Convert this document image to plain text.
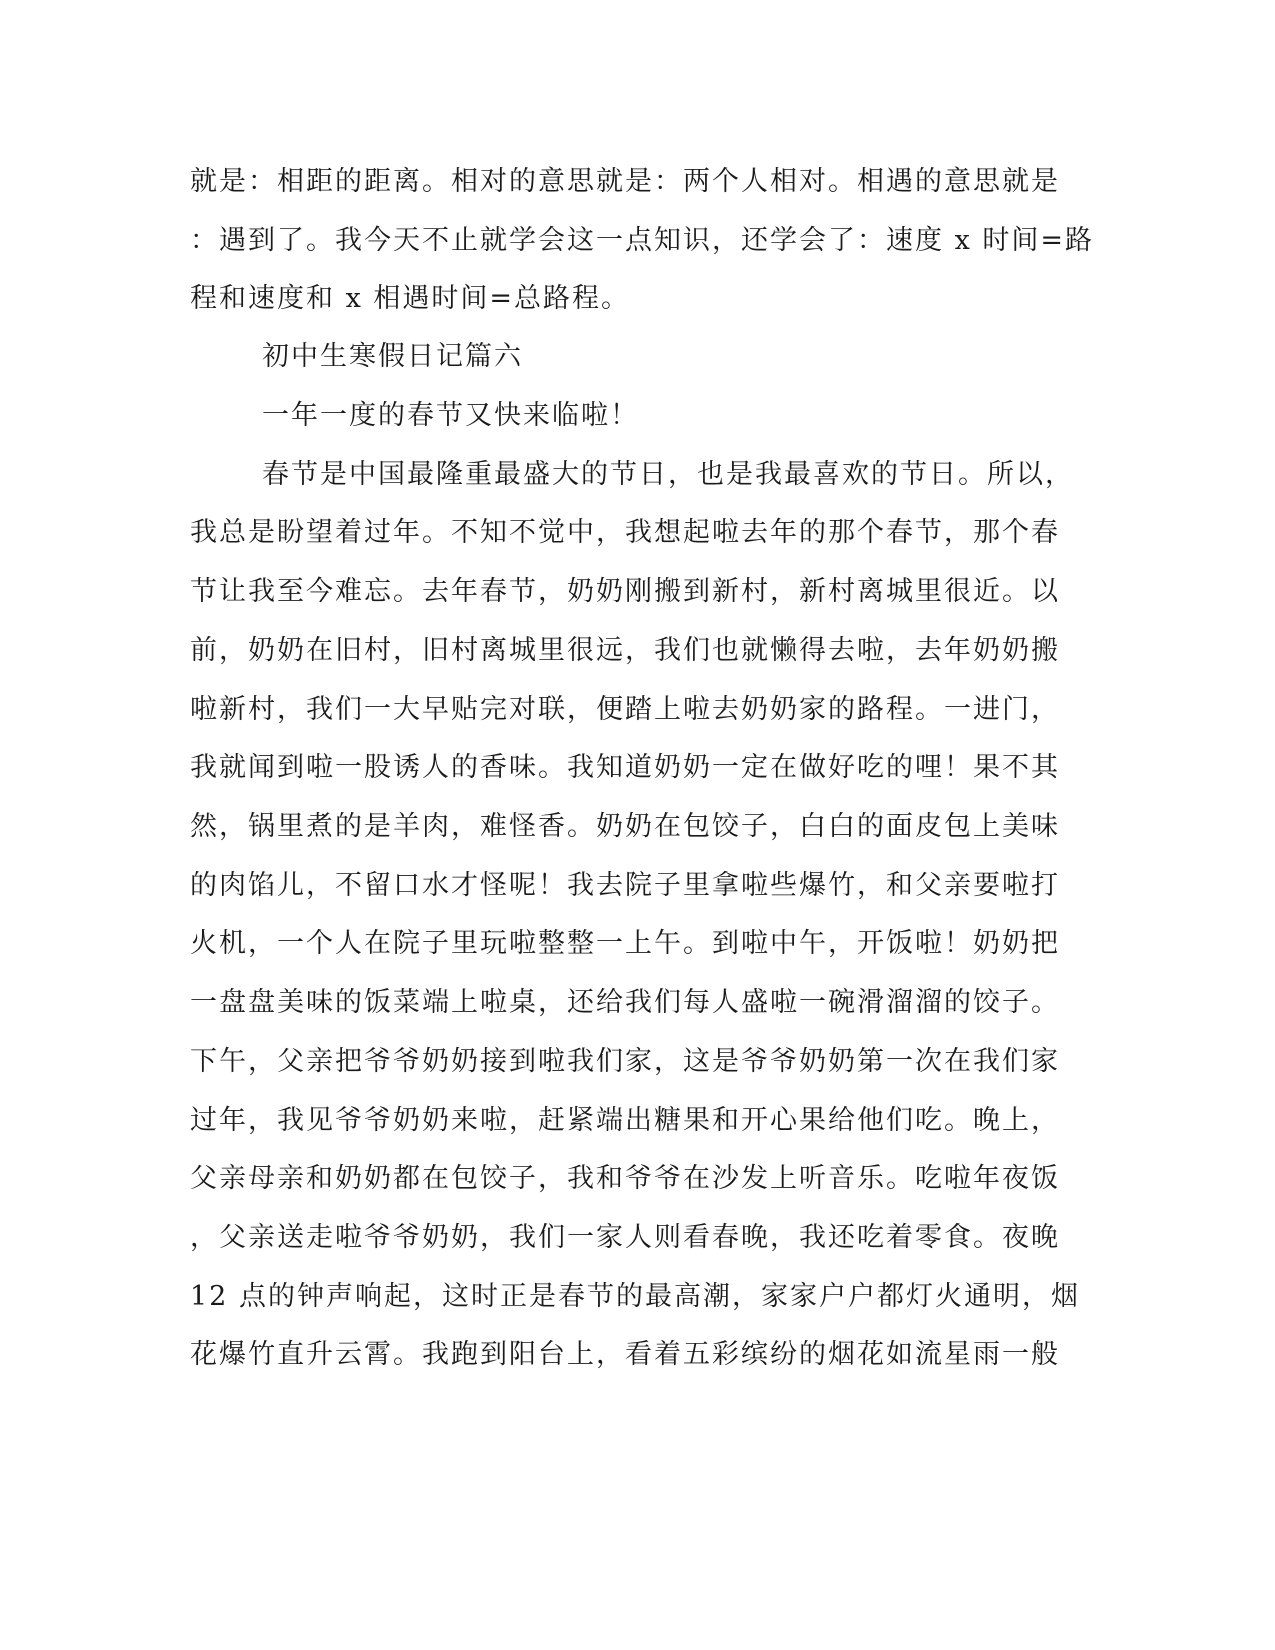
就是：相距的距离。相对的意思就是：两个人相对。相遇的意思就是
：遇到了。我今天不止就学会这一点知识，还学会了：速度 x 时间=路
程和速度和 x 相遇时间=总路程。
初中生寒假日记篇六
一年一度的春节又快来临啦！
春节是中国最隆重最盛大的节日，也是我最喜欢的节日。所以，
我总是盼望着过年。不知不觉中，我想起啦去年的那个春节，那个春
节让我至今难忘。去年春节，奶奶刚搬到新村，新村离城里很近。以
前，奶奶在旧村，旧村离城里很远，我们也就懒得去啦，去年奶奶搬
啦新村，我们一大早贴完对联，便踏上啦去奶奶家的路程。一进门，
我就闻到啦一股诱人的香味。我知道奶奶一定在做好吃的哩！果不其
然，锅里煮的是羊肉，难怪香。奶奶在包饺子，白白的面皮包上美味
的肉馅儿，不留口水才怪呢！我去院子里拿啦些爆竹，和父亲要啦打
火机，一个人在院子里玩啦整整一上午。到啦中午，开饭啦！奶奶把
一盘盘美味的饭菜端上啦桌，还给我们每人盛啦一碗滑溜溜的饺子。
下午，父亲把爷爷奶奶接到啦我们家，这是爷爷奶奶第一次在我们家
过年，我见爷爷奶奶来啦，赶紧端出糖果和开心果给他们吃。晚上，
父亲母亲和奶奶都在包饺子，我和爷爷在沙发上听音乐。吃啦年夜饭
，父亲送走啦爷爷奶奶，我们一家人则看春晚，我还吃着零食。夜晚
12 点的钟声响起，这时正是春节的最高潮，家家户户都灯火通明，烟
花爆竹直升云霄。我跑到阳台上，看着五彩缤纷的烟花如流星雨一般
